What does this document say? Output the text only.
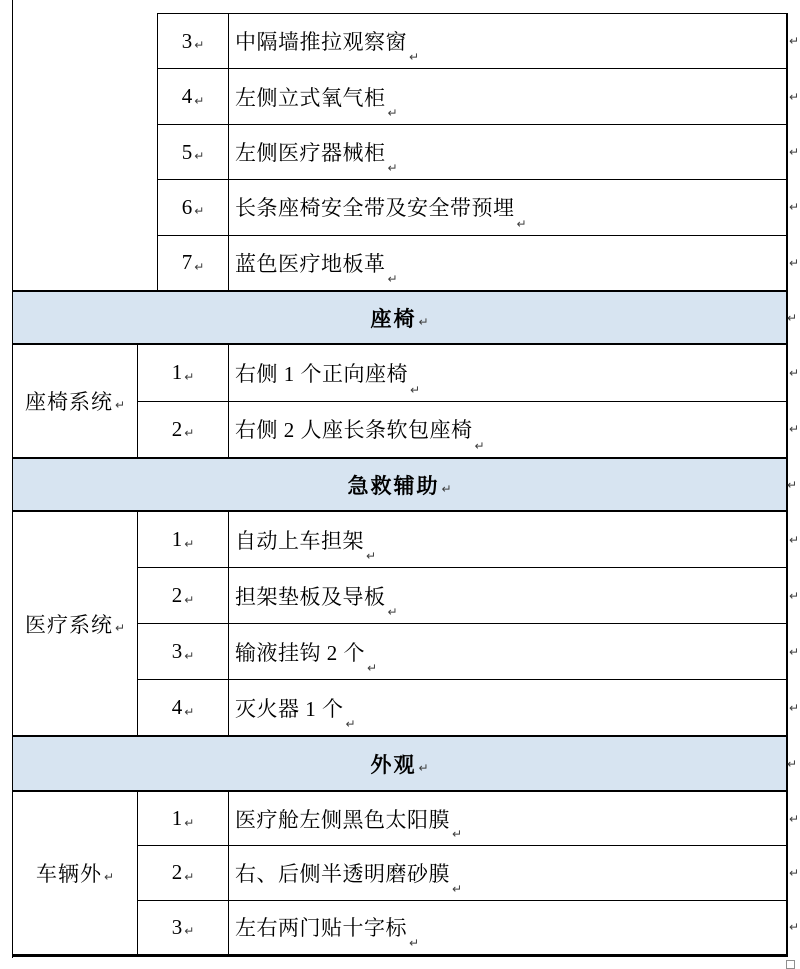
3 ↵ 中隔墙推拉观察窗
↵
↵
4 ↵ 左侧立式氧气柜
↵
↵
5 ↵ 左侧医疗器械柜
↵
↵
6 ↵ 长条座椅安全带及安全带预埋
↵
↵
7 ↵ 蓝色医疗地板革
↵
↵
座椅 ↵	↵
座椅系统 ↵
1 ↵ 右侧 1 个正向座椅
↵
↵
2 ↵ 右侧 2 人座长条软包座椅
↵
↵
急救辅助 ↵	↵
医疗系统 ↵
1 ↵ 自动上车担架
↵
↵
2 ↵ 担架垫板及导板
↵
↵
3 ↵ 输液挂钩 2 个
↵
↵
4 ↵ 灭火器 1 个
↵
↵
外观 ↵	↵
车辆外 ↵
1 ↵ 医疗舱左侧黑色太阳膜
↵
↵
2 ↵ 右、后侧半透明磨砂膜
↵
↵
3 ↵ 左右两门贴十字标
↵
↵
